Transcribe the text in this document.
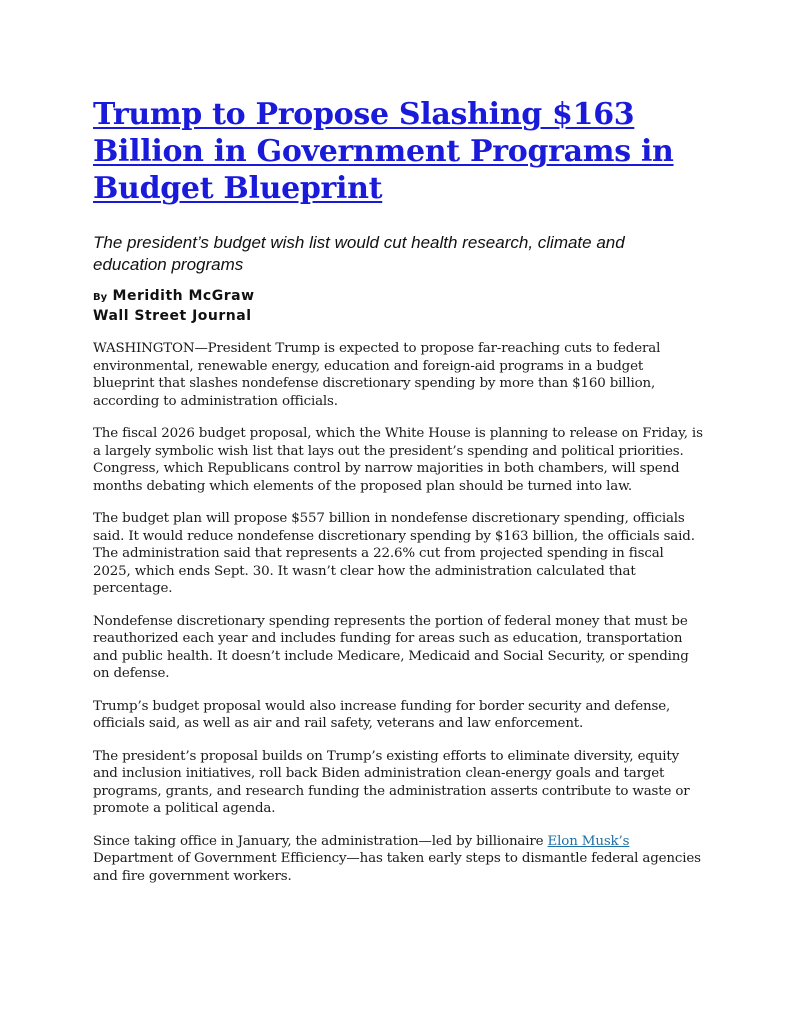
Trump to Propose Slashing $163 Billion in Government Programs in Budget Blueprint
The president’s budget wish list would cut health research, climate and education programs
By Meridith McGraw
Wall Street Journal

WASHINGTON—President Trump is expected to propose far-reaching cuts to federal environmental, renewable energy, education and foreign-aid programs in a budget blueprint that slashes nondefense discretionary spending by more than $160 billion, according to administration officials.

The fiscal 2026 budget proposal, which the White House is planning to release on Friday, is a largely symbolic wish list that lays out the president’s spending and political priorities. Congress, which Republicans control by narrow majorities in both chambers, will spend months debating which elements of the proposed plan should be turned into law.

The budget plan will propose $557 billion in nondefense discretionary spending, officials said. It would reduce nondefense discretionary spending by $163 billion, the officials said. The administration said that represents a 22.6% cut from projected spending in fiscal 2025, which ends Sept. 30. It wasn’t clear how the administration calculated that percentage.

Nondefense discretionary spending represents the portion of federal money that must be reauthorized each year and includes funding for areas such as education, transportation and public health. It doesn’t include Medicare, Medicaid and Social Security, or spending on defense.

Trump’s budget proposal would also increase funding for border security and defense, officials said, as well as air and rail safety, veterans and law enforcement.

The president’s proposal builds on Trump’s existing efforts to eliminate diversity, equity and inclusion initiatives, roll back Biden administration clean-energy goals and target programs, grants, and research funding the administration asserts contribute to waste or promote a political agenda.

Since taking office in January, the administration—led by billionaire Elon Musk’s Department of Government Efficiency—has taken early steps to dismantle federal agencies and fire government workers.
